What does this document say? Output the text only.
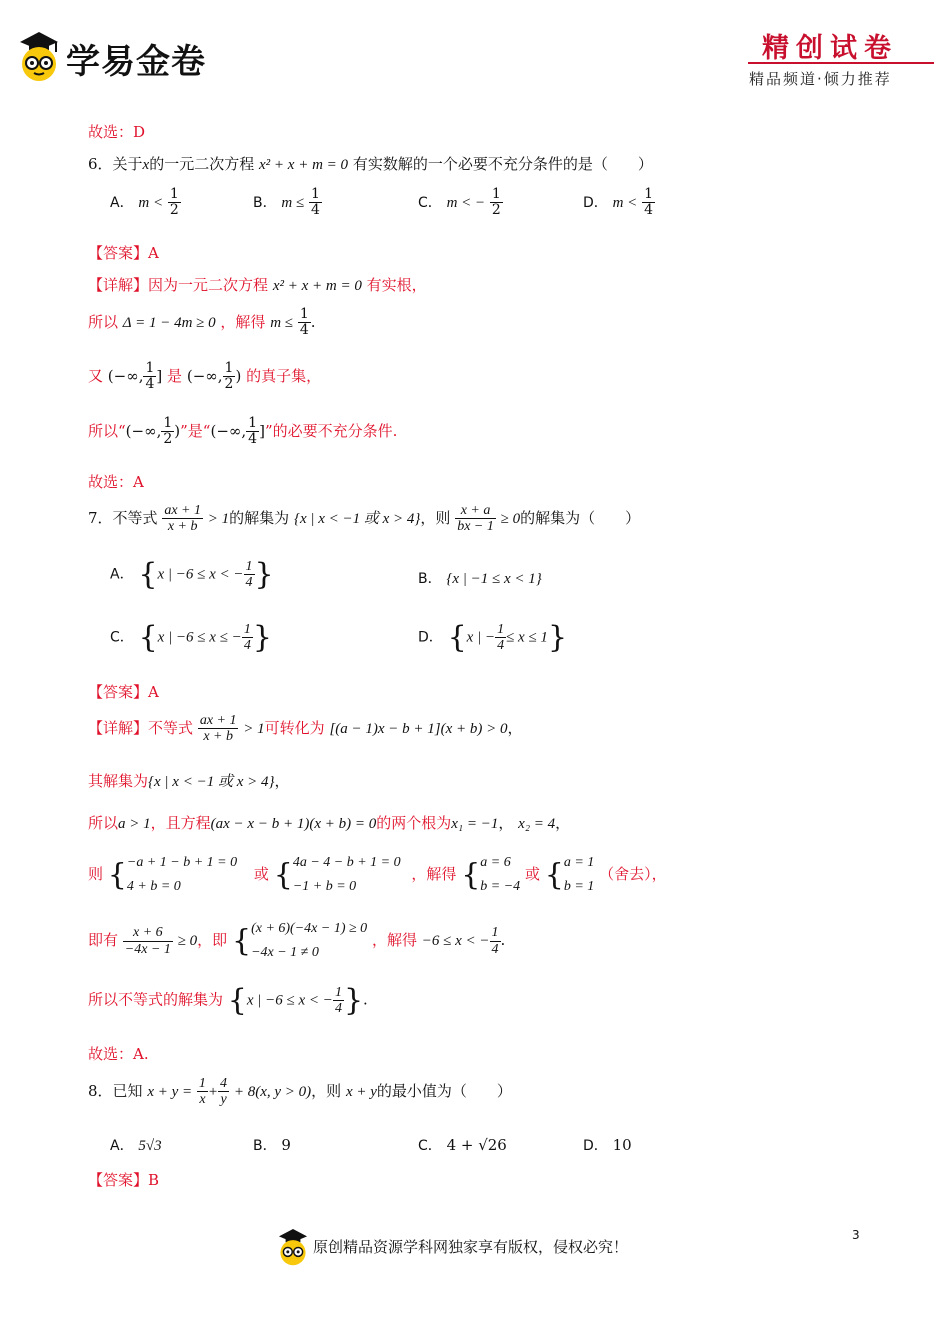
学易金卷	精创试卷
精品频道·倾力推荐
故选：D
6．关于x的一元二次方程 x² + x + m = 0 有实数解的一个必要不充分条件的是（　　）
A． $m < \frac{1}{2}$	B． $m \le \frac{1}{4}$	C． m < − $\frac{1}{2}$	D． $m < \frac{1}{4}$
【答案】A
【详解】因为一元二次方程 x² + x + m = 0 有实根，
所以 Δ = 1 − 4m ≥ 0 ，解得 $m \le \frac{1}{4}$ .
又 (−∞, $\frac{1}{4}$ ] 是 (−∞, $\frac{1}{2}$ ) 的真子集，
所以“(−∞, $\frac{1}{2}$ )”是“(−∞, $\frac{1}{4}$ ]”的必要不充分条件.
故选：A
7．不等式 $\frac{ax + 1}{x + b} > 1$的解集为 {x | x < −1 或 x > 4}，则 $\frac{x + a}{bx - 1} \ge 0$的解集为（　　）
A． {x | −6 ≤ x < − $\frac{1}{4}$ }	B． {x | −1 ≤ x < 1}
C． {x | −6 ≤ x ≤ − $\frac{1}{4}$ }	D． {x | − $\frac{1}{4} \le x \le 1$}
【答案】A
【详解】不等式 $\frac{ax + 1}{x + b} > 1$可转化为 [(a − 1)x − b + 1](x + b) > 0，
其解集为{x | x < −1 或 x > 4}，
所以a > 1，且方程(ax − x − b + 1)(x + b) = 0的两个根为x₁ = −1， x₂ = 4，
则 { −a + 1 − b + 1 = 0
4 + b = 0
或 { 4a − 4 − b + 1 = 0
−1 + b = 0
，解得 { a = 6
b = −4
或 { a = 1
b = 1
（舍去），
即有 $\frac{x + 6}{-4x - 1} \ge 0$，即 { (x + 6)(−4x − 1) ≥ 0
−4x − 1 ≠ 0
，解得 −6 ≤ x < − $\frac{1}{4}$ .
所以不等式的解集为 {x | −6 ≤ x < − $\frac{1}{4}$ }.
故选：A.
8．已知 $x + y = \frac{1}{x} + \frac{4}{y} + 8(x$, y > 0)，则 x + y的最小值为（　　）
A． 5√3	B． 9	C． 4 + √26	D． 10
【答案】B
原创精品资源学科网独家享有版权，侵权必究！
3
